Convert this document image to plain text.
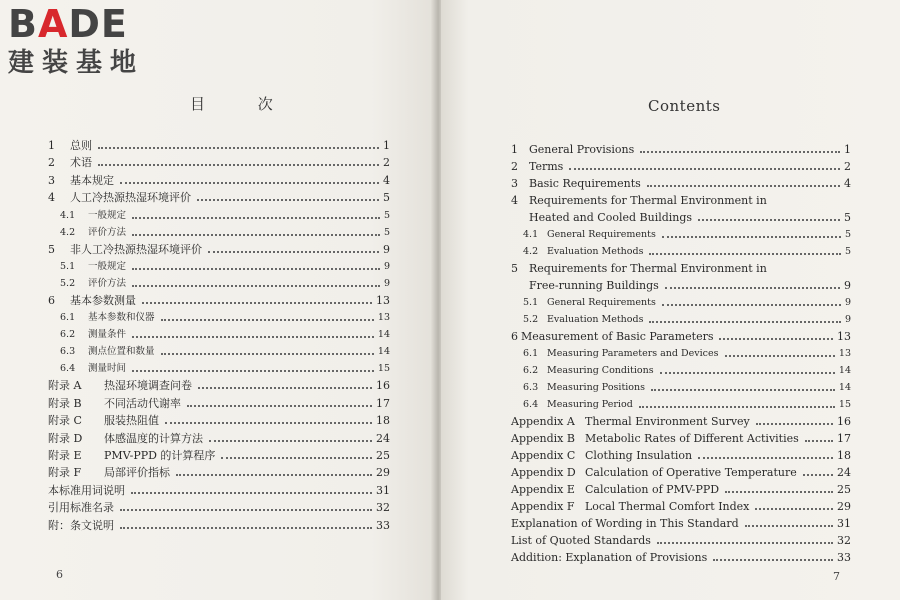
BADE
建装基地
目 次
1	总则	1
2	术语	2
3	基本规定	4
4	人工冷热源热湿环境评价	5
4.1	一般规定	5
4.2	评价方法	5
5	非人工冷热源热湿环境评价	9
5.1	一般规定	9
5.2	评价方法	9
6	基本参数测量	13
6.1	基本参数和仪器	13
6.2	测量条件	14
6.3	测点位置和数量	14
6.4	测量时间	15
附录 A	热湿环境调查问卷	16
附录 B	不同活动代谢率	17
附录 C	服装热阻值	18
附录 D	体感温度的计算方法	24
附录 E	PMV-PPD 的计算程序	25
附录 F	局部评价指标	29
本标准用词说明	31
引用标准名录	32
附：条文说明	33
6
Contents
1	General Provisions	1
2	Terms	2
3	Basic Requirements	4
4 Requirements for Thermal Environment in
Heated and Cooled Buildings	5
4.1 General Requirements	5
4.2 Evaluation Methods	5
5 Requirements for Thermal Environment in
Free-running Buildings	9
5.1 General Requirements	9
5.2 Evaluation Methods	9
6 Measurement of Basic Parameters	13
6.1 Measuring Parameters and Devices	13
6.2 Measuring Conditions	14
6.3 Measuring Positions	14
6.4 Measuring Period	15
Appendix A Thermal Environment Survey	16
Appendix B Metabolic Rates of Different Activities	17
Appendix C Clothing Insulation	18
Appendix D Calculation of Operative Temperature	24
Appendix E Calculation of PMV-PPD	25
Appendix F Local Thermal Comfort Index	29
Explanation of Wording in This Standard	31
List of Quoted Standards	32
Addition: Explanation of Provisions	33
7
